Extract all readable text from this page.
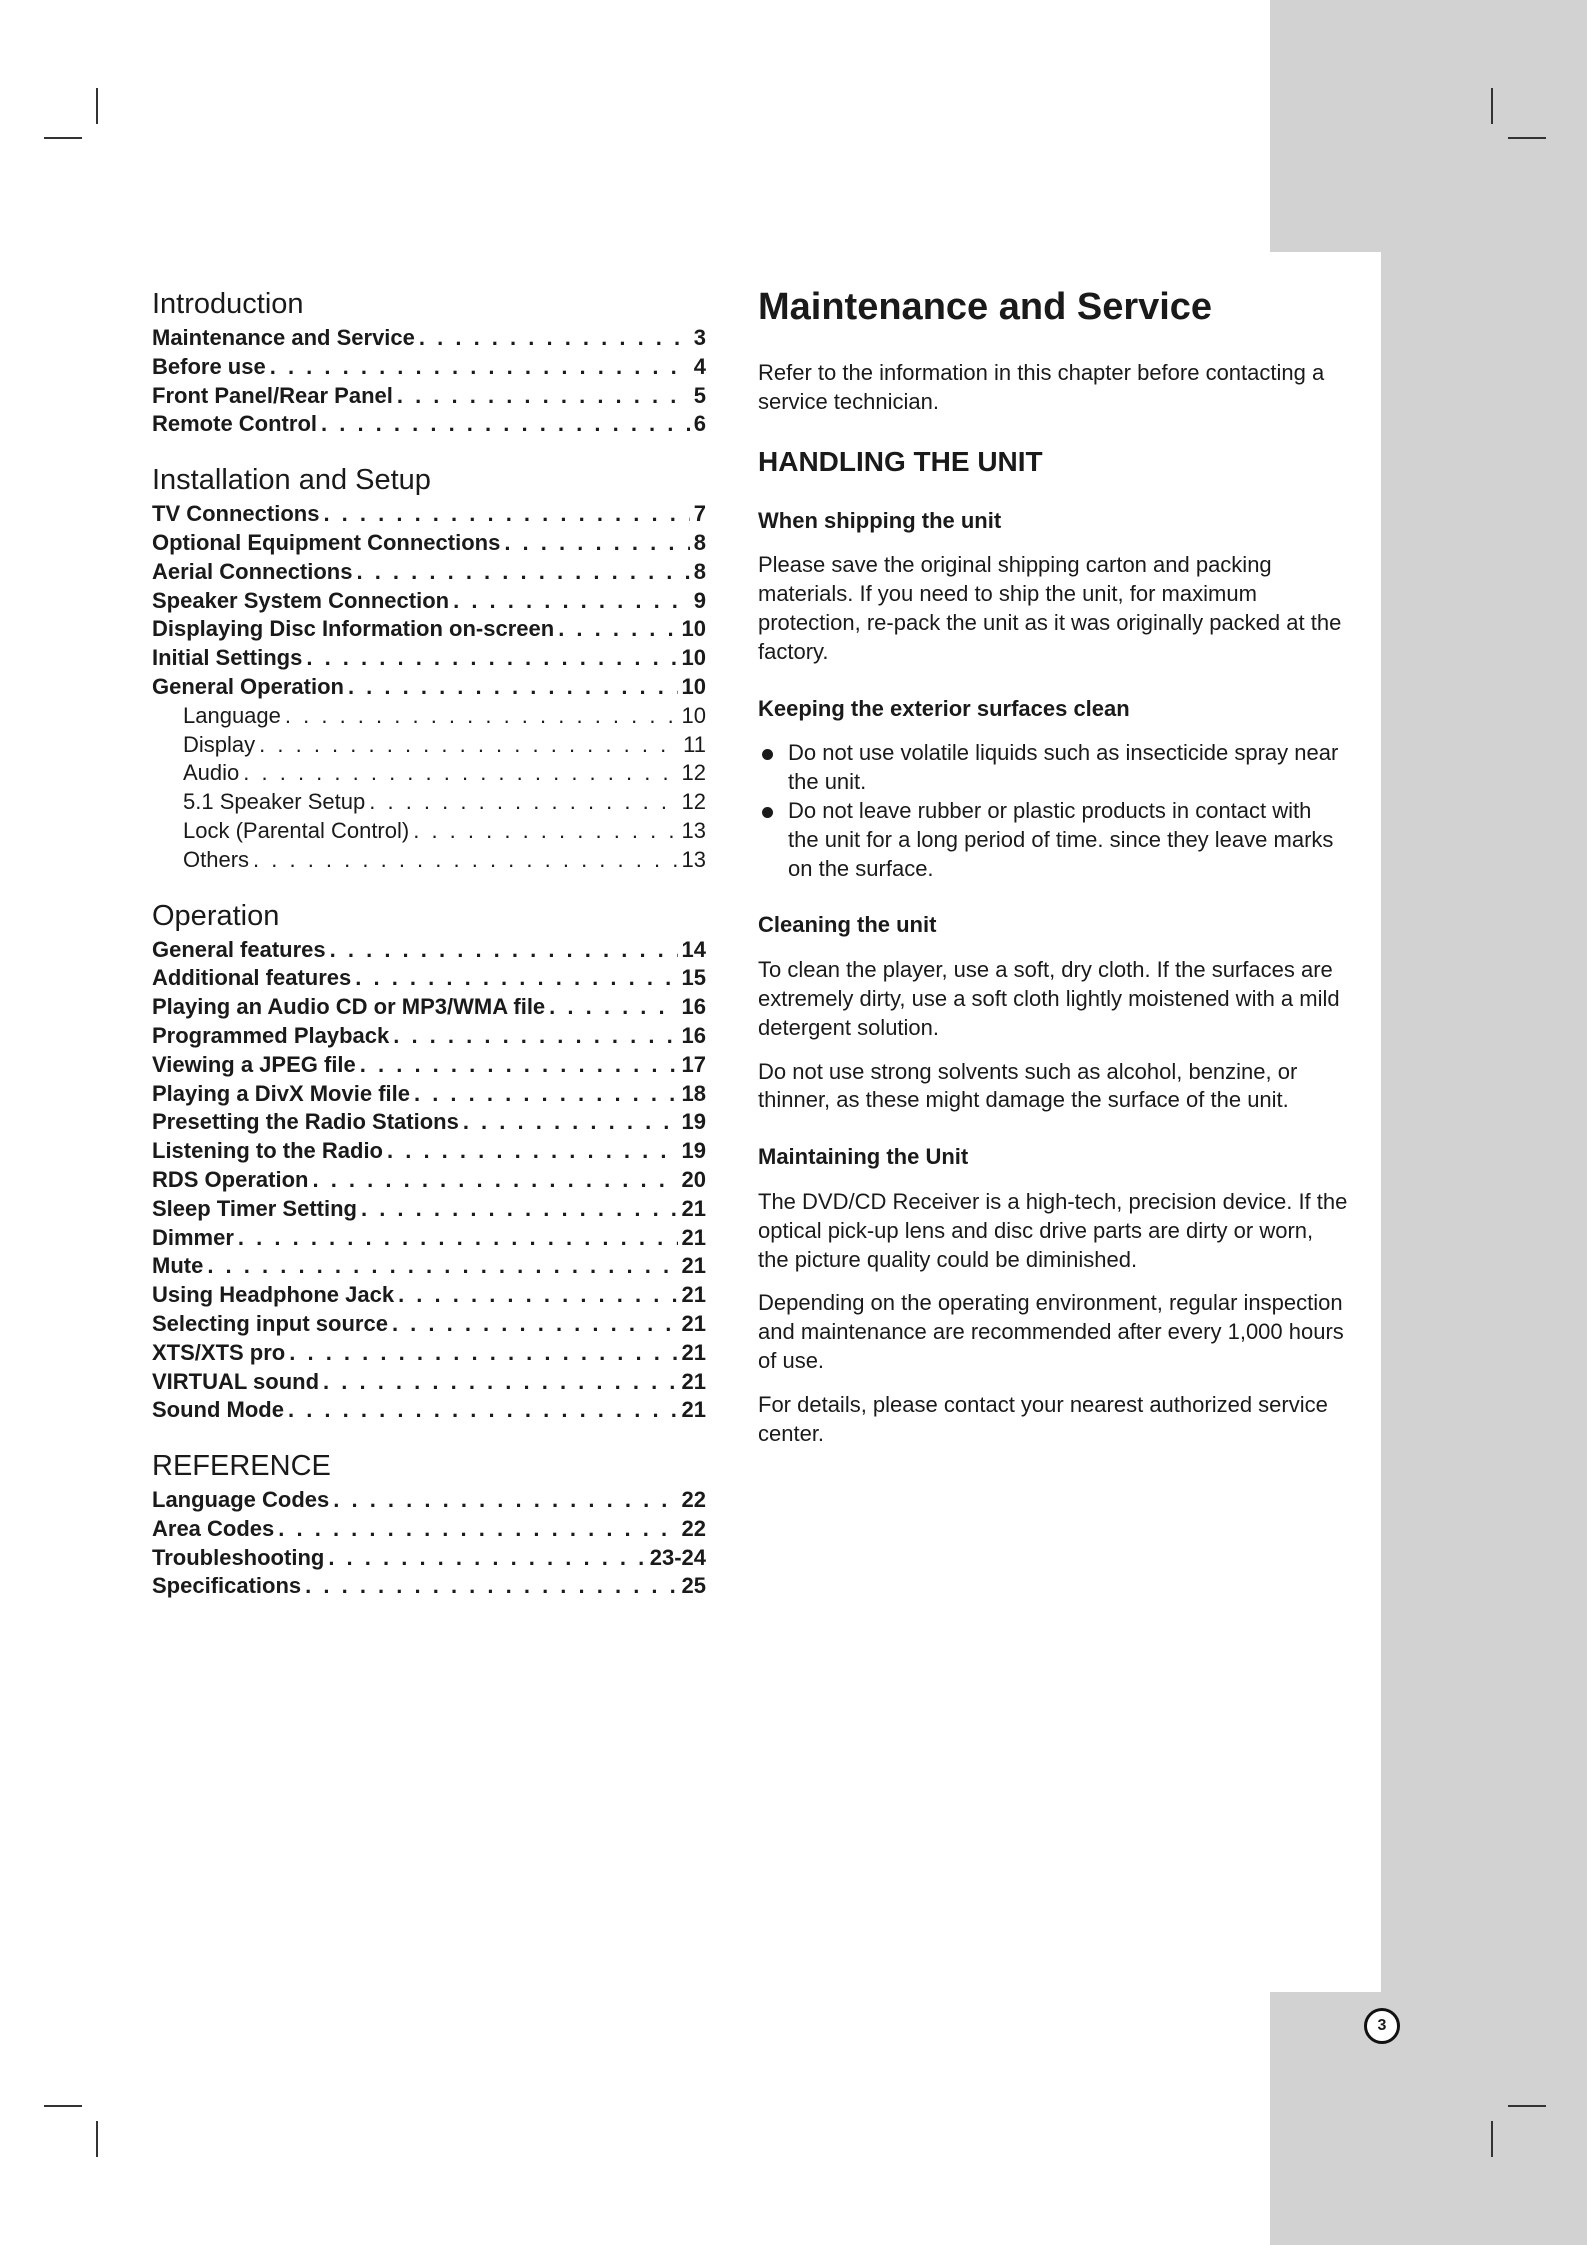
3
Introduction
Maintenance and Service . . .	3
Before use . . .	4
Front Panel/Rear Panel . . .	5
Remote Control . . .	6
Installation and Setup
TV Connections . . .	7
Optional Equipment Connections . . .	8
Aerial Connections . . .	8
Speaker System Connection . . .	9
Displaying Disc Information on-screen . . .	10
Initial Settings . . .	10
General Operation . . .	10
Language . . .	10
Display . . .	11
Audio . . .	12
5.1 Speaker Setup . . .	12
Lock (Parental Control) . . .	13
Others . . .	13
Operation
General features . . .	14
Additional features . . .	15
Playing an Audio CD or MP3/WMA file . . .	16
Programmed Playback . . .	16
Viewing a JPEG file . . .	17
Playing a DivX Movie file . . .	18
Presetting the Radio Stations . . .	19
Listening to the Radio . . .	19
RDS Operation . . .	20
Sleep Timer Setting . . .	21
Dimmer . . .	21
Mute . . .	21
Using Headphone Jack . . .	21
Selecting input source . . .	21
XTS/XTS pro . . .	21
VIRTUAL sound . . .	21
Sound Mode . . .	21
REFERENCE
Language Codes . . .	22
Area Codes . . .	22
Troubleshooting . . .	23-24
Specifications . . .	25
Maintenance and Service

Refer to the information in this chapter before contacting a service technician.

HANDLING THE UNIT
When shipping the unit

Please save the original shipping carton and packing materials. If you need to ship the unit, for maximum protection, re-pack the unit as it was originally packed at the factory.

Keeping the exterior surfaces clean
Do not use volatile liquids such as insecticide spray near the unit.
Do not leave rubber or plastic products in contact with the unit for a long period of time. since they leave marks on the surface.
Cleaning the unit

To clean the player, use a soft, dry cloth. If the surfaces are extremely dirty, use a soft cloth lightly moistened with a mild detergent solution.

Do not use strong solvents such as alcohol, benzine, or thinner, as these might damage the surface of the unit.

Maintaining the Unit

The DVD/CD Receiver is a high-tech, precision device. If the optical pick-up lens and disc drive parts are dirty or worn, the picture quality could be diminished.

Depending on the operating environment, regular inspection and maintenance are recommended after every 1,000 hours of use.

For details, please contact your nearest authorized service center.
